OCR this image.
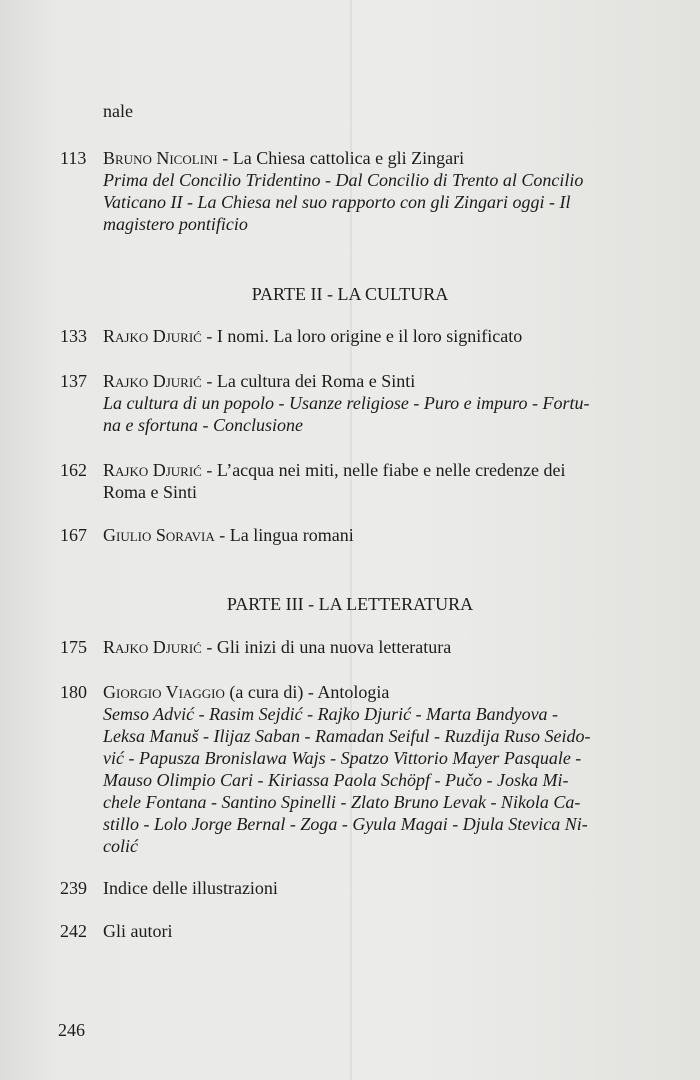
nale
113 Bruno Nicolini - La Chiesa cattolica e gli Zingari
Prima del Concilio Tridentino - Dal Concilio di Trento al Concilio
Vaticano II - La Chiesa nel suo rapporto con gli Zingari oggi - Il
magistero pontificio
PARTE II - LA CULTURA
133 Rajko Djurić - I nomi. La loro origine e il loro significato
137 Rajko Djurić - La cultura dei Roma e Sinti
La cultura di un popolo - Usanze religiose - Puro e impuro - Fortu-
na e sfortuna - Conclusione
162 Rajko Djurić - L’acqua nei miti, nelle fiabe e nelle credenze dei
Roma e Sinti
167 Giulio Soravia - La lingua romani
PARTE III - LA LETTERATURA
175 Rajko Djurić - Gli inizi di una nuova letteratura
180 Giorgio Viaggio (a cura di) - Antologia
Semso Advić - Rasim Sejdić - Rajko Djurić - Marta Bandyova -
Leksa Manuš - Ilijaz Saban - Ramadan Seiful - Ruzdija Ruso Seido-
vić - Papusza Bronislawa Wajs - Spatzo Vittorio Mayer Pasquale -
Mauso Olimpio Cari - Kiriassa Paola Schöpf - Pučo - Joska Mi-
chele Fontana - Santino Spinelli - Zlato Bruno Levak - Nikola Ca-
stillo - Lolo Jorge Bernal - Zoga - Gyula Magai - Djula Stevica Ni-
colić
239 Indice delle illustrazioni
242 Gli autori
246
